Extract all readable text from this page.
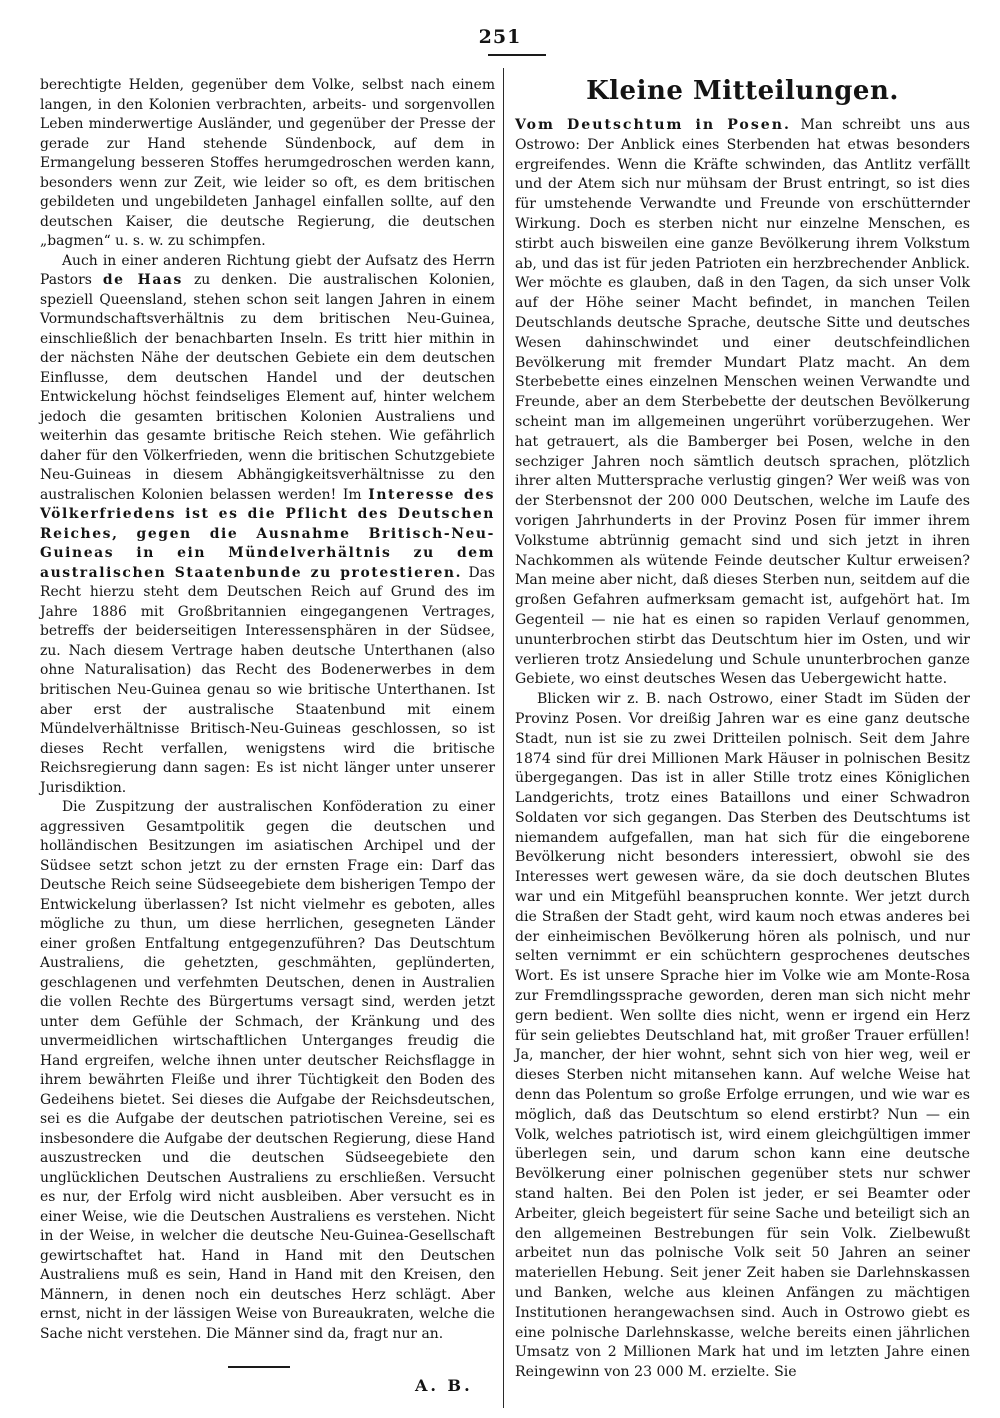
251

berechtigte Helden, gegenüber dem Volke, selbst nach einem langen, in den Kolonien verbrachten, arbeits- und sorgenvollen Leben minderwertige Ausländer, und gegenüber der Presse der gerade zur Hand stehende Sündenbock, auf dem in Ermangelung besseren Stoffes herumgedroschen werden kann, besonders wenn zur Zeit, wie leider so oft, es dem britischen gebildeten und ungebildeten Janhagel einfallen sollte, auf den deutschen Kaiser, die deutsche Regierung, die deutschen „bagmen“ u. s. w. zu schimpfen.

Auch in einer anderen Richtung giebt der Aufsatz des Herrn Pastors de Haas zu denken. Die australischen Kolonien, speziell Queensland, stehen schon seit langen Jahren in einem Vormundschaftsverhältnis zu dem britischen Neu-Guinea, einschließlich der benachbarten Inseln. Es tritt hier mithin in der nächsten Nähe der deutschen Gebiete ein dem deutschen Einflusse, dem deutschen Handel und der deutschen Entwickelung höchst feindseliges Element auf, hinter welchem jedoch die gesamten britischen Kolonien Australiens und weiterhin das gesamte britische Reich stehen. Wie gefährlich daher für den Völkerfrieden, wenn die britischen Schutzgebiete Neu-Guineas in diesem Abhängigkeitsverhältnisse zu den australischen Kolonien belassen werden! Im Interesse des Völkerfriedens ist es die Pflicht des Deutschen Reiches, gegen die Ausnahme Britisch-Neu-Guineas in ein Mündelverhältnis zu dem australischen Staatenbunde zu protestieren. Das Recht hierzu steht dem Deutschen Reich auf Grund des im Jahre 1886 mit Großbritannien eingegangenen Vertrages, betreffs der beiderseitigen Interessensphären in der Südsee, zu. Nach diesem Vertrage haben deutsche Unterthanen (also ohne Naturalisation) das Recht des Bodenerwerbes in dem britischen Neu-Guinea genau so wie britische Unterthanen. Ist aber erst der australische Staatenbund mit einem Mündelverhältnisse Britisch-Neu-Guineas geschlossen, so ist dieses Recht verfallen, wenigstens wird die britische Reichsregierung dann sagen: Es ist nicht länger unter unserer Jurisdiktion.

Die Zuspitzung der australischen Konföderation zu einer aggressiven Gesamtpolitik gegen die deutschen und holländischen Besitzungen im asiatischen Archipel und der Südsee setzt schon jetzt zu der ernsten Frage ein: Darf das Deutsche Reich seine Südseegebiete dem bisherigen Tempo der Entwickelung überlassen? Ist nicht vielmehr es geboten, alles mögliche zu thun, um diese herrlichen, gesegneten Länder einer großen Entfaltung entgegenzuführen? Das Deutschtum Australiens, die gehetzten, geschmähten, geplünderten, geschlagenen und verfehmten Deutschen, denen in Australien die vollen Rechte des Bürgertums versagt sind, werden jetzt unter dem Gefühle der Schmach, der Kränkung und des unvermeidlichen wirtschaftlichen Unterganges freudig die Hand ergreifen, welche ihnen unter deutscher Reichsflagge in ihrem bewährten Fleiße und ihrer Tüchtigkeit den Boden des Gedeihens bietet. Sei dieses die Aufgabe der Reichsdeutschen, sei es die Aufgabe der deutschen patriotischen Vereine, sei es insbesondere die Aufgabe der deutschen Regierung, diese Hand auszustrecken und die deutschen Südseegebiete den unglücklichen Deutschen Australiens zu erschließen. Versucht es nur, der Erfolg wird nicht ausbleiben. Aber versucht es in einer Weise, wie die Deutschen Australiens es verstehen. Nicht in der Weise, in welcher die deutsche Neu-Guinea-Gesellschaft gewirtschaftet hat. Hand in Hand mit den Deutschen Australiens muß es sein, Hand in Hand mit den Kreisen, den Männern, in denen noch ein deutsches Herz schlägt. Aber ernst, nicht in der lässigen Weise von Bureaukraten, welche die Sache nicht verstehen. Die Männer sind da, fragt nur an.

A. B.
Kleine Mitteilungen.

Vom Deutschtum in Posen. Man schreibt uns aus Ostrowo: Der Anblick eines Sterbenden hat etwas besonders ergreifendes. Wenn die Kräfte schwinden, das Antlitz verfällt und der Atem sich nur mühsam der Brust entringt, so ist dies für umstehende Verwandte und Freunde von erschütternder Wirkung. Doch es sterben nicht nur einzelne Menschen, es stirbt auch bisweilen eine ganze Bevölkerung ihrem Volkstum ab, und das ist für jeden Patrioten ein herzbrechender Anblick. Wer möchte es glauben, daß in den Tagen, da sich unser Volk auf der Höhe seiner Macht befindet, in manchen Teilen Deutschlands deutsche Sprache, deutsche Sitte und deutsches Wesen dahinschwindet und einer deutschfeindlichen Bevölkerung mit fremder Mundart Platz macht. An dem Sterbebette eines einzelnen Menschen weinen Verwandte und Freunde, aber an dem Sterbebette der deutschen Bevölkerung scheint man im allgemeinen ungerührt vorüberzugehen. Wer hat getrauert, als die Bamberger bei Posen, welche in den sechziger Jahren noch sämtlich deutsch sprachen, plötzlich ihrer alten Muttersprache verlustig gingen? Wer weiß was von der Sterbensnot der 200 000 Deutschen, welche im Laufe des vorigen Jahrhunderts in der Provinz Posen für immer ihrem Volkstume abtrünnig gemacht sind und sich jetzt in ihren Nachkommen als wütende Feinde deutscher Kultur erweisen? Man meine aber nicht, daß dieses Sterben nun, seitdem auf die großen Gefahren aufmerksam gemacht ist, aufgehört hat. Im Gegenteil — nie hat es einen so rapiden Verlauf genommen, ununterbrochen stirbt das Deutschtum hier im Osten, und wir verlieren trotz Ansiedelung und Schule ununterbrochen ganze Gebiete, wo einst deutsches Wesen das Uebergewicht hatte.

Blicken wir z. B. nach Ostrowo, einer Stadt im Süden der Provinz Posen. Vor dreißig Jahren war es eine ganz deutsche Stadt, nun ist sie zu zwei Dritteilen polnisch. Seit dem Jahre 1874 sind für drei Millionen Mark Häuser in polnischen Besitz übergegangen. Das ist in aller Stille trotz eines Königlichen Landgerichts, trotz eines Bataillons und einer Schwadron Soldaten vor sich gegangen. Das Sterben des Deutschtums ist niemandem aufgefallen, man hat sich für die eingeborene Bevölkerung nicht besonders interessiert, obwohl sie des Interesses wert gewesen wäre, da sie doch deutschen Blutes war und ein Mitgefühl beanspruchen konnte. Wer jetzt durch die Straßen der Stadt geht, wird kaum noch etwas anderes bei der einheimischen Bevölkerung hören als polnisch, und nur selten vernimmt er ein schüchtern gesprochenes deutsches Wort. Es ist unsere Sprache hier im Volke wie am Monte-Rosa zur Fremdlingssprache geworden, deren man sich nicht mehr gern bedient. Wen sollte dies nicht, wenn er irgend ein Herz für sein geliebtes Deutschland hat, mit großer Trauer erfüllen! Ja, mancher, der hier wohnt, sehnt sich von hier weg, weil er dieses Sterben nicht mitansehen kann. Auf welche Weise hat denn das Polentum so große Erfolge errungen, und wie war es möglich, daß das Deutschtum so elend erstirbt? Nun — ein Volk, welches patriotisch ist, wird einem gleichgültigen immer überlegen sein, und darum schon kann eine deutsche Bevölkerung einer polnischen gegenüber stets nur schwer stand halten. Bei den Polen ist jeder, er sei Beamter oder Arbeiter, gleich begeistert für seine Sache und beteiligt sich an den allgemeinen Bestrebungen für sein Volk. Zielbewußt arbeitet nun das polnische Volk seit 50 Jahren an seiner materiellen Hebung. Seit jener Zeit haben sie Darlehnskassen und Banken, welche aus kleinen Anfängen zu mächtigen Institutionen herangewachsen sind. Auch in Ostrowo giebt es eine polnische Darlehnskasse, welche bereits einen jährlichen Umsatz von 2 Millionen Mark hat und im letzten Jahre einen Reingewinn von 23 000 M. erzielte. Sie
